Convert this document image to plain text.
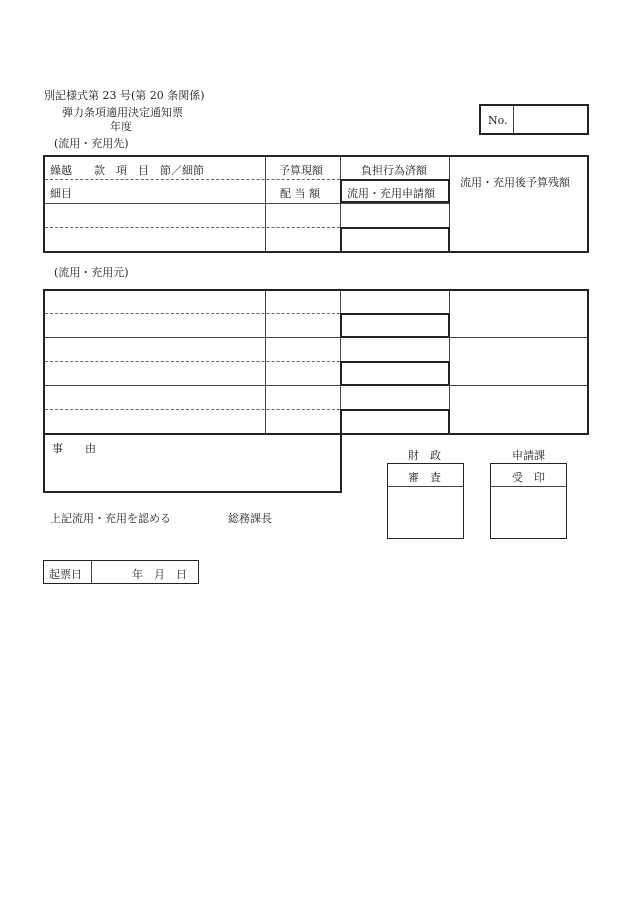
別記様式第 23 号(第 20 条関係)
弾力条項適用決定通知票
年度
(流用・充用先)
No.
繰越　　款　項　目　節／細節
細目
予算現額
配 当 額
負担行為済額
流用・充用申請額
流用・充用後予算残額
(流用・充用元)
事　　由
財　政
審　査
申請課
受　印
上記流用・充用を認める	総務課長
起票日	年　月　日
